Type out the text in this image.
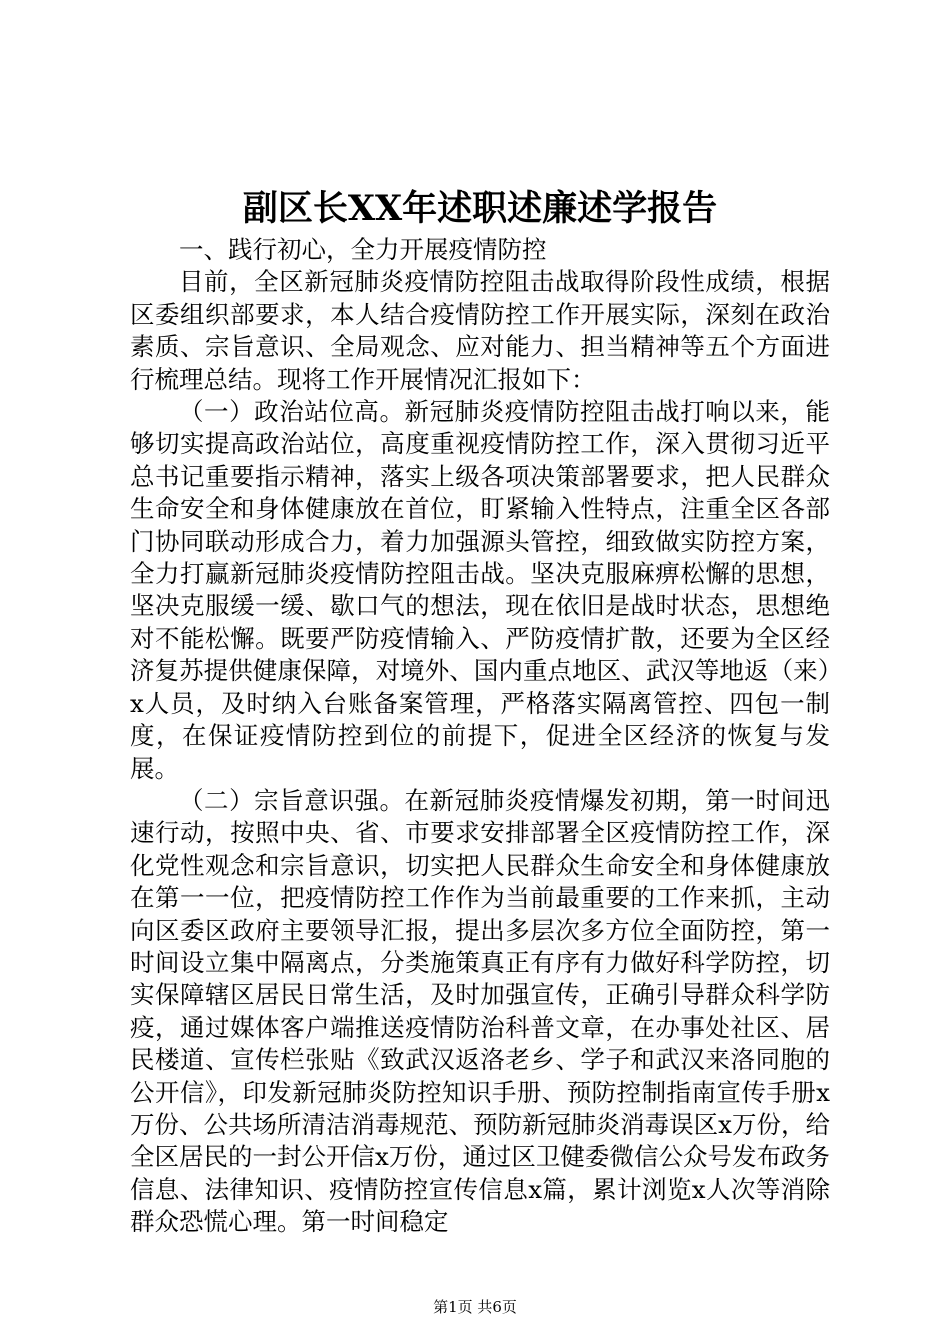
副区长XX年述职述廉述学报告

一、践行初心，全力开展疫情防控

目前，全区新冠肺炎疫情防控阻击战取得阶段性成绩，根据区委组织部要求，本人结合疫情防控工作开展实际，深刻在政治素质、宗旨意识、全局观念、应对能力、担当精神等五个方面进行梳理总结。现将工作开展情况汇报如下：

（一）政治站位高。新冠肺炎疫情防控阻击战打响以来，能够切实提高政治站位，高度重视疫情防控工作，深入贯彻习近平总书记重要指示精神，落实上级各项决策部署要求，把人民群众生命安全和身体健康放在首位，盯紧输入性特点，注重全区各部门协同联动形成合力，着力加强源头管控，细致做实防控方案，全力打赢新冠肺炎疫情防控阻击战。坚决克服麻痹松懈的思想，坚决克服缓一缓、歇口气的想法，现在依旧是战时状态，思想绝对不能松懈。既要严防疫情输入、严防疫情扩散，还要为全区经济复苏提供健康保障，对境外、国内重点地区、武汉等地返（来）x人员，及时纳入台账备案管理，严格落实隔离管控、四包一制度，在保证疫情防控到位的前提下，促进全区经济的恢复与发展。

（二）宗旨意识强。在新冠肺炎疫情爆发初期，第一时间迅速行动，按照中央、省、市要求安排部署全区疫情防控工作，深化党性观念和宗旨意识，切实把人民群众生命安全和身体健康放在第一一位，把疫情防控工作作为当前最重要的工作来抓，主动向区委区政府主要领导汇报，提出多层次多方位全面防控，第一时间设立集中隔离点，分类施策真正有序有力做好科学防控，切实保障辖区居民日常生活，及时加强宣传，正确引导群众科学防疫，通过媒体客户端推送疫情防治科普文章，在办事处社区、居民楼道、宣传栏张贴《致武汉返洛老乡、学子和武汉来洛同胞的公开信》，印发新冠肺炎防控知识手册、预防控制指南宣传手册x万份、公共场所清洁消毒规范、预防新冠肺炎消毒误区x万份，给全区居民的一封公开信x万份，通过区卫健委微信公众号发布政务信息、法律知识、疫情防控宣传信息x篇，累计浏览x人次等消除群众恐慌心理。第一时间稳定

第1页 共6页
